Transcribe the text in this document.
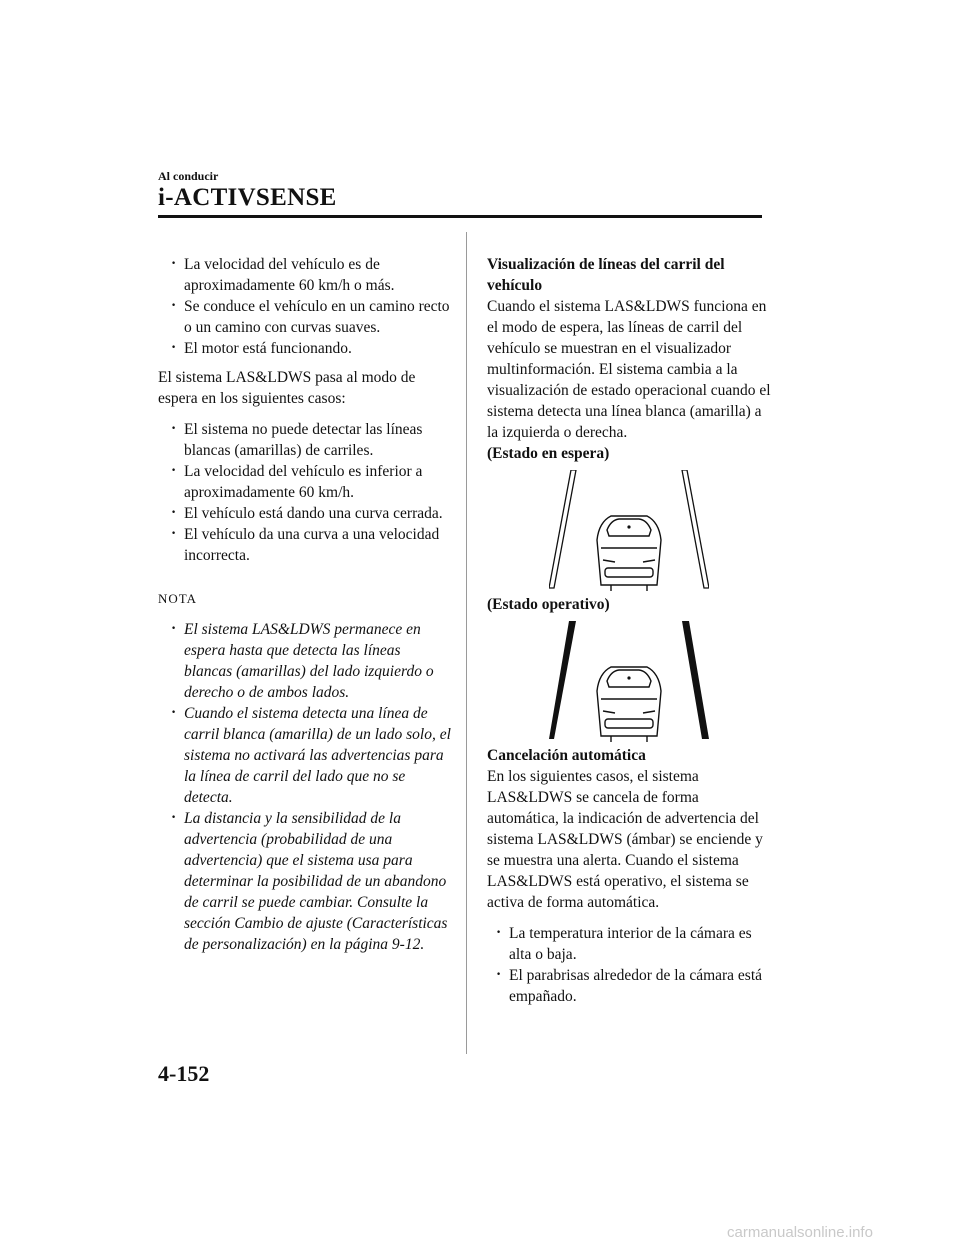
Al conducir
i-ACTIVSENSE
· La velocidad del vehículo es de aproximadamente 60 km/h o más.
· Se conduce el vehículo en un camino recto o un camino con curvas suaves.
· El motor está funcionando.

El sistema LAS&LDWS pasa al modo de espera en los siguientes casos:

· El sistema no puede detectar las líneas blancas (amarillas) de carriles.
· La velocidad del vehículo es inferior a aproximadamente 60 km/h.
· El vehículo está dando una curva cerrada.
· El vehículo da una curva a una velocidad incorrecta.
NOTA
· El sistema LAS&LDWS permanece en espera hasta que detecta las líneas blancas (amarillas) del lado izquierdo o derecho o de ambos lados.
· Cuando el sistema detecta una línea de carril blanca (amarilla) de un lado solo, el sistema no activará las advertencias para la línea de carril del lado que no se detecta.
· La distancia y la sensibilidad de la advertencia (probabilidad de una advertencia) que el sistema usa para determinar la posibilidad de un abandono de carril se puede cambiar. Consulte la sección Cambio de ajuste (Características de personalización) en la página 9-12.
Visualización de líneas del carril del vehículo
Cuando el sistema LAS&LDWS funciona en el modo de espera, las líneas de carril del vehículo se muestran en el visualizador multinformación. El sistema cambia a la visualización de estado operacional cuando el sistema detecta una línea blanca (amarilla) a la izquierda o derecha.
(Estado en espera)
(Estado operativo)
Cancelación automática
En los siguientes casos, el sistema LAS&LDWS se cancela de forma automática, la indicación de advertencia del sistema LAS&LDWS (ámbar) se enciende y se muestra una alerta. Cuando el sistema LAS&LDWS está operativo, el sistema se activa de forma automática.
· La temperatura interior de la cámara es alta o baja.
· El parabrisas alrededor de la cámara está empañado.
4-152
carmanualsonline.info
